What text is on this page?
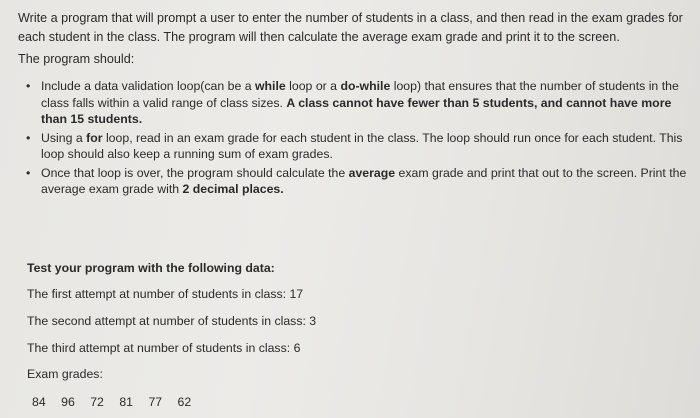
Write a program that will prompt a user to enter the number of students in a class, and then read in the exam grades for each student in the class. The program will then calculate the average exam grade and print it to the screen.
The program should:
• Include a data validation loop(can be a while loop or a do-while loop) that ensures that the number of students in the class falls within a valid range of class sizes. A class cannot have fewer than 5 students, and cannot have more than 15 students.
• Using a for loop, read in an exam grade for each student in the class. The loop should run once for each student. This loop should also keep a running sum of exam grades.
• Once that loop is over, the program should calculate the average exam grade and print that out to the screen. Print the average exam grade with 2 decimal places.
Test your program with the following data:
The first attempt at number of students in class: 17
The second attempt at number of students in class: 3
The third attempt at number of students in class: 6
Exam grades:
84 96 72 81 77 62
